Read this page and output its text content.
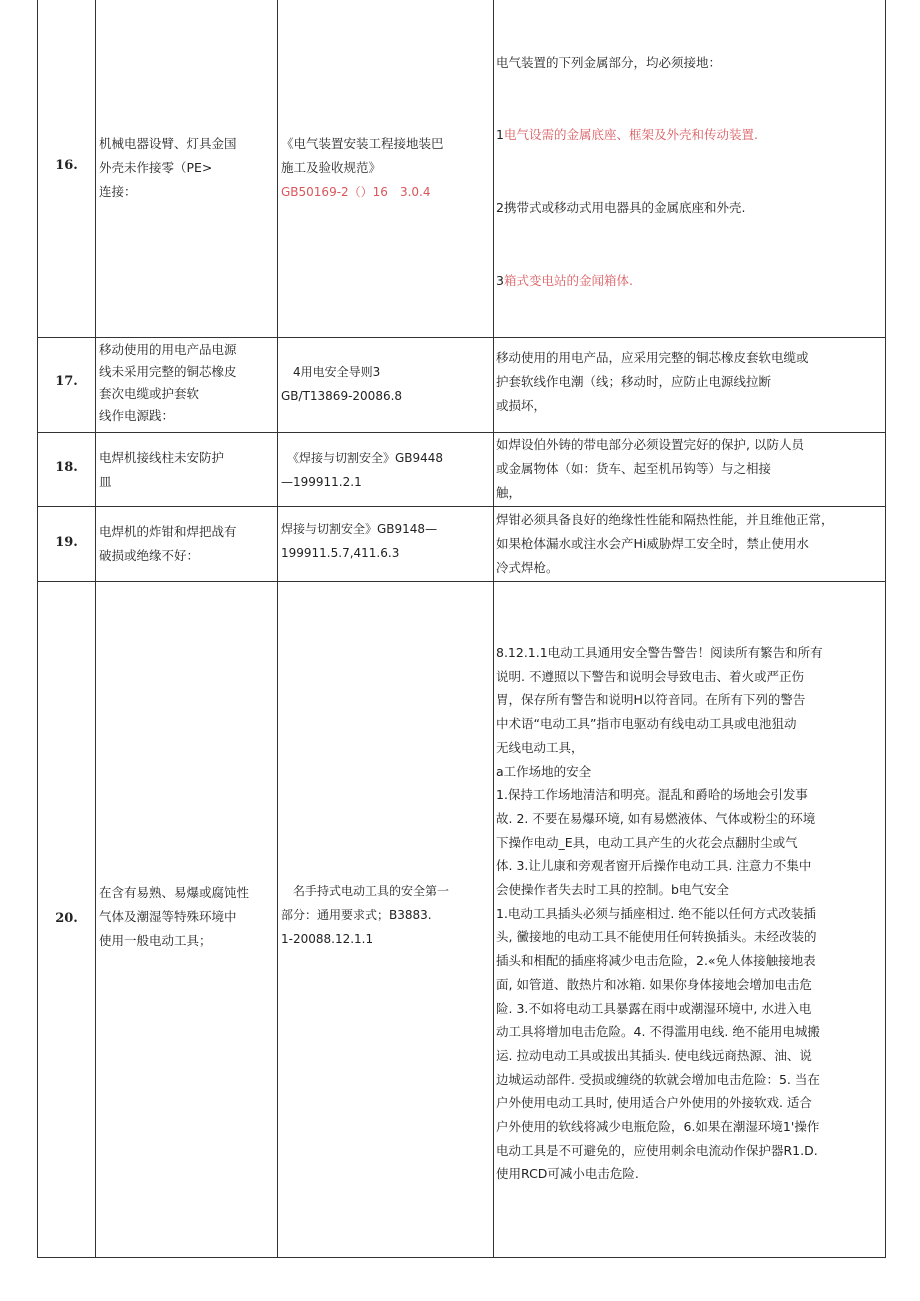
16.

机械电器设臂、灯具金国
外壳未作接零（PE>
连接：

《电气装置安装工程接地装巴
施工及验收规范》

GB50169-2（）16　3.0.4

电气装置的下列金属部分，均必须接地：

1电气设需的金属底座、框架及外壳和传动装置.

2携带式或移动式用电器具的金属底座和外壳.

3箱式变电站的金闻箱体.

17.

移动使用的用电产品电源
线未采用完整的铜芯橡皮
套次电缆或护套软
线作电源践：

　4用电安全导则3
GB/T13869-20086.8

移动使用的用电产品，应采用完整的铜芯橡皮套软电缆或
护套软线作电潮（线；移动时，应防止电源线拉断
或损坏，

18.

电焊机接线柱未安防护
皿

　《焊接与切割安全》GB9448
—199911.2.1

如焊设伯外铸的带电部分必须设置完好的保护, 以防人员
或金属物体（如：货车、起至机吊钩等）与之相接
触，

19.

电焊机的炸钳和焊把战有
破损或绝缘不好：

焊接与切割安全》GB9148—
199911.5.7,411.6.3

焊钳必须具备良好的绝缘性性能和隔热性能，并且维他正常，
如果枪体漏水或注水会产Hi威胁焊工安全时，禁止使用水
冷式焊枪。

20.

在含有易熟、易爆或腐饨性
气体及潮湿等特殊环境中
使用一般电动工具；

　名手持式电动工具的安全第一
部分：通用要求式；B3883.
1-20088.12.1.1

8.12.1.1电动工具通用安全警告警告！阅读所有繁告和所有
说明. 不遵照以下警告和说明会导致电击、着火或严正伤
胃，保存所有警告和说明H以符音同。在所有下列的警告
中术语“电动工具”指市电驱动有线电动工具或电池狙动
无线电动工具，
a工作场地的安全
1.保持工作场地清洁和明亮。混乱和爵哈的场地会引发事
故. 2. 不要在易爆环境, 如有易燃液体、气体或粉尘的环境
下操作电动_E具，电动工具产生的火花会点翻肘尘或气
体. 3.让儿康和旁观者窗开后操作电动工具. 注意力不集中
会使操作者失去时工具的控制。b电气安全
1.电动工具插头必须与插座相过. 绝不能以任何方式改装插
头, 黴接地的电动工具不能使用任何转换插头。未经改装的
插头和相配的插座将减少电击危险，2.«免人体接触接地表
面, 如管道、散热片和冰箱. 如果你身体接地会增加电击危
险. 3.不如将电动工具暴露在雨中或潮湿环境中, 水进入电
动工具将增加电击危险。4. 不得滥用电线. 绝不能用电城搬
运. 拉动电动工具或拔出其插头. 使电线远商热源、油、说
边城运动部件. 受损或缠绕的软就会增加电击危险：5. 当在
户外使用电动工具时, 使用适合户外使用的外接软戏. 适合
户外使用的软线将减少电瓶危险，6.如果在潮湿环境1'操作
电动工具是不可避免的，应使用刺余电流动作保护器R1.D.
使用RCD可减小电击危险.
